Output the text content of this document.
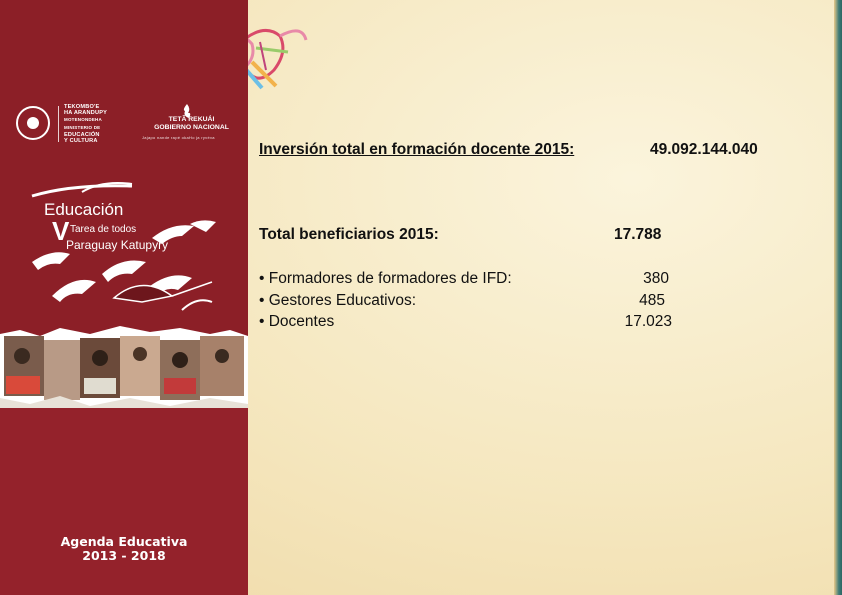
TEKOMBO'E
HA ARANDUPY
MOTENONDEHA
MINISTERIO DE
EDUCACIÓN
Y CULTURA
TETÃ REKUÁI
GOBIERNO NACIONAL
Jajapo nande rapé okaHo ja ryvéva
Educación
V Tarea de todos
Paraguay Katupyry
Agenda Educativa
2013 - 2018
Inversión total en formación docente 2015:	49.092.144.040
Total beneficiarios 2015:	17.788
• Formadores de formadores de IFD:
• Gestores Educativos:
• Docentes
380
485
17.023
